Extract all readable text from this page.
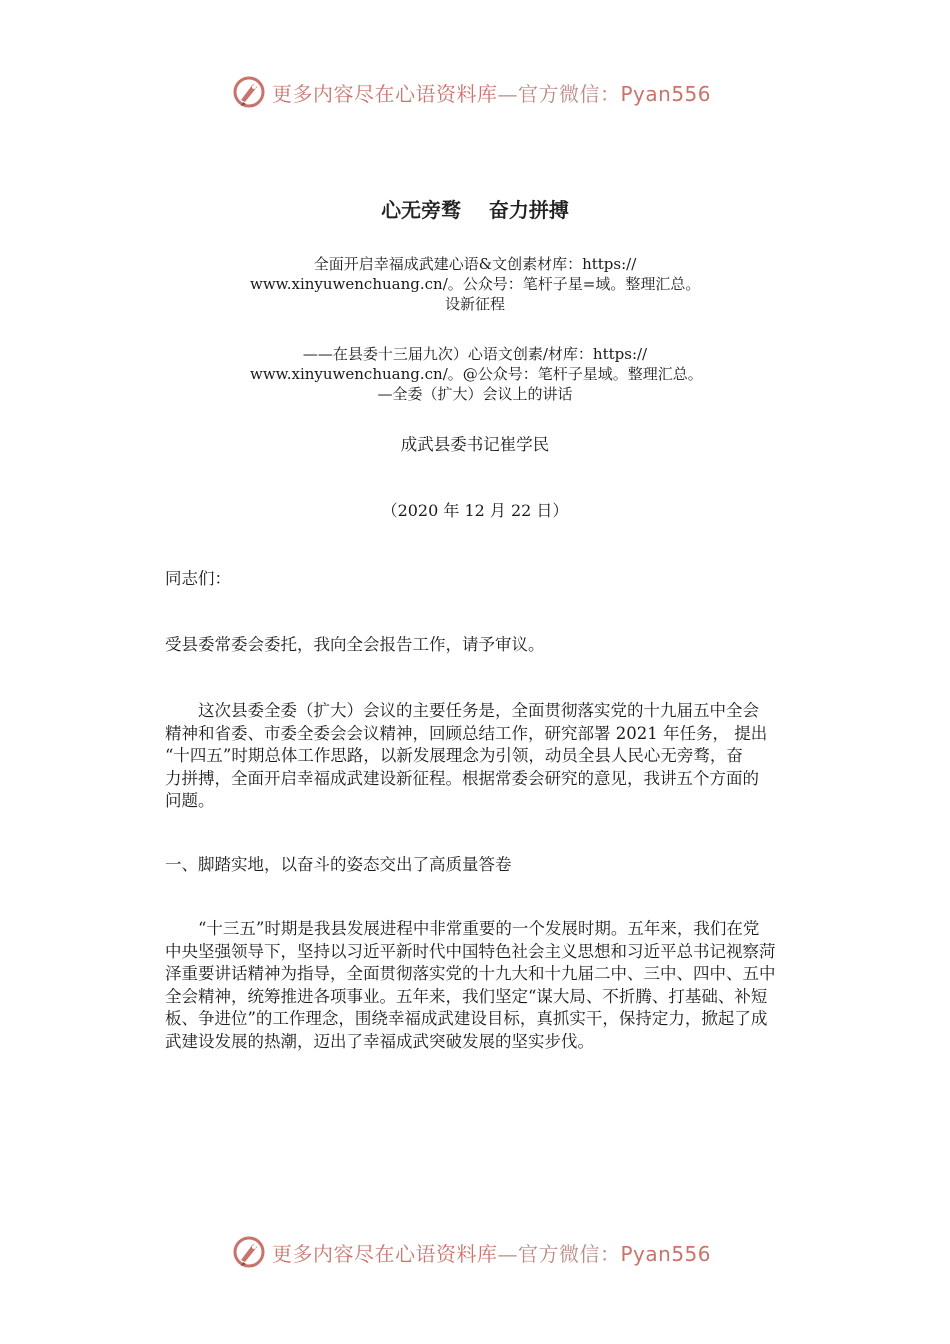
更多内容尽在心语资料库—官方微信：Pyan556
心无旁骛    奋力拼搏
全面开启幸福成武建心语&文创素材库：https://
www.xinyuwenchuang.cn/。公众号：笔杆子星=域。整理汇总。
设新征程
——在县委十三届九次）心语文创素/材库：https://
www.xinyuwenchuang.cn/。@公众号：笔杆子星域。整理汇总。
—全委（扩大）会议上的讲话
成武县委书记崔学民
（2020 年 12 月 22 日）
同志们：
受县委常委会委托，我向全会报告工作，请予审议。
这次县委全委（扩大）会议的主要任务是，全面贯彻落实党的十九届五中全会
精神和省委、市委全委会会议精神，回顾总结工作，研究部署 2021 年任务， 提出
“十四五”时期总体工作思路，以新发展理念为引领，动员全县人民心无旁骛，奋
力拼搏，全面开启幸福成武建设新征程。根据常委会研究的意见，我讲五个方面的
问题。
一、脚踏实地，以奋斗的姿态交出了高质量答卷
“十三五”时期是我县发展进程中非常重要的一个发展时期。五年来，我们在党
中央坚强领导下，坚持以习近平新时代中国特色社会主义思想和习近平总书记视察菏
泽重要讲话精神为指导，全面贯彻落实党的十九大和十九届二中、三中、四中、五中
全会精神，统筹推进各项事业。五年来，我们坚定“谋大局、不折腾、打基础、补短
板、争进位”的工作理念，围绕幸福成武建设目标，真抓实干，保持定力，掀起了成
武建设发展的热潮，迈出了幸福成武突破发展的坚实步伐。
更多内容尽在心语资料库—官方微信：Pyan556
